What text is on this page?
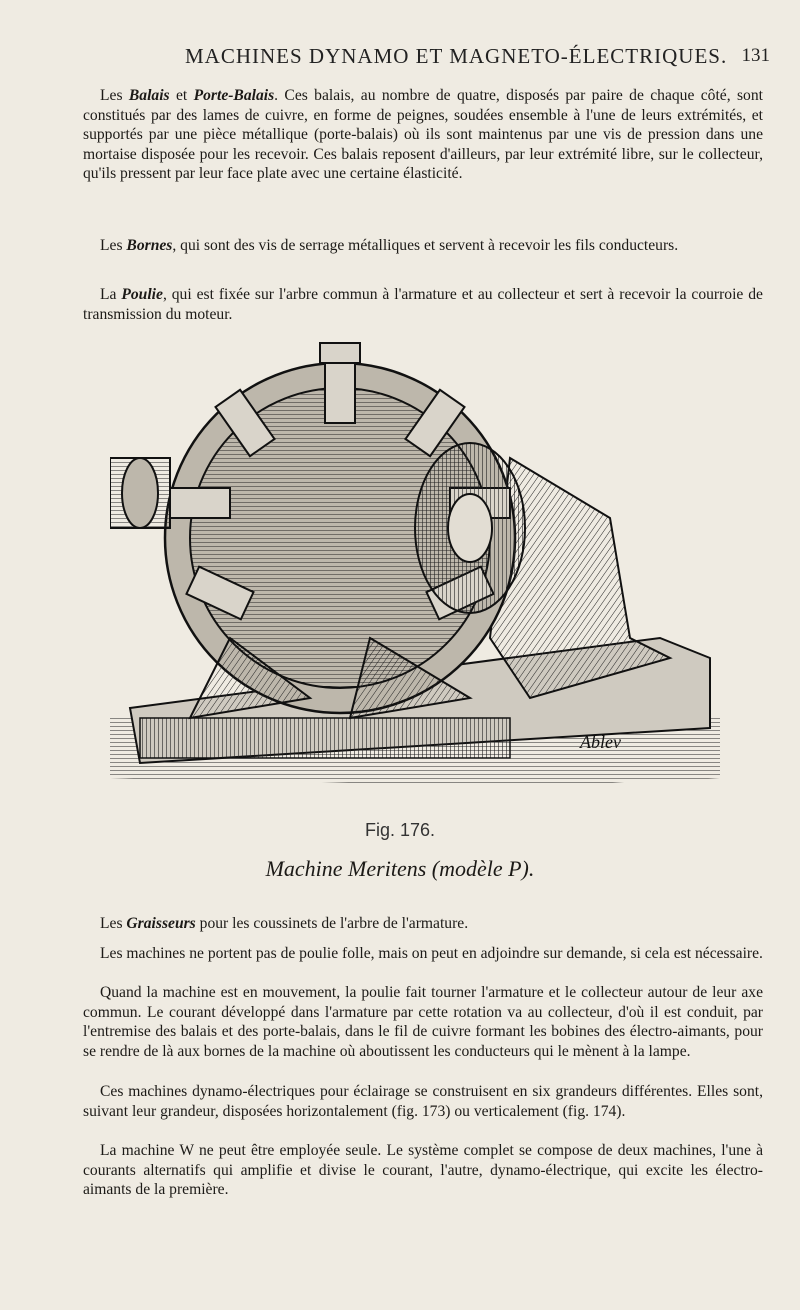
MACHINES DYNAMO ET MAGNETO-ÉLECTRIQUES. 131

Les Balais et Porte-Balais. Ces balais, au nombre de quatre, disposés par paire de chaque côté, sont constitués par des lames de cuivre, en forme de peignes, soudées ensemble à l'une de leurs extrémités, et supportés par une pièce métallique (porte-balais) où ils sont maintenus par une vis de pression dans une mortaise disposée pour les recevoir. Ces balais reposent d'ailleurs, par leur extrémité libre, sur le collecteur, qu'ils pressent par leur face plate avec une certaine élasticité.

Les Bornes, qui sont des vis de serrage métalliques et servent à recevoir les fils conducteurs.

La Poulie, qui est fixée sur l'arbre commun à l'armature et au collecteur et sert à recevoir la courroie de transmission du moteur.

Ablev
Fig. 176.
Machine Meritens (modèle P).

Les Graisseurs pour les coussinets de l'arbre de l'armature.

Les machines ne portent pas de poulie folle, mais on peut en adjoindre sur demande, si cela est nécessaire.

Quand la machine est en mouvement, la poulie fait tourner l'armature et le collecteur autour de leur axe commun. Le courant développé dans l'armature par cette rotation va au collecteur, d'où il est conduit, par l'entremise des balais et des porte-balais, dans le fil de cuivre formant les bobines des électro-aimants, pour se rendre de là aux bornes de la machine où aboutissent les conducteurs qui le mènent à la lampe.

Ces machines dynamo-électriques pour éclairage se construisent en six grandeurs différentes. Elles sont, suivant leur grandeur, disposées horizontalement (fig. 173) ou verticalement (fig. 174).

La machine W ne peut être employée seule. Le système complet se compose de deux machines, l'une à courants alternatifs qui amplifie et divise le courant, l'autre, dynamo-électrique, qui excite les électro-aimants de la première.
